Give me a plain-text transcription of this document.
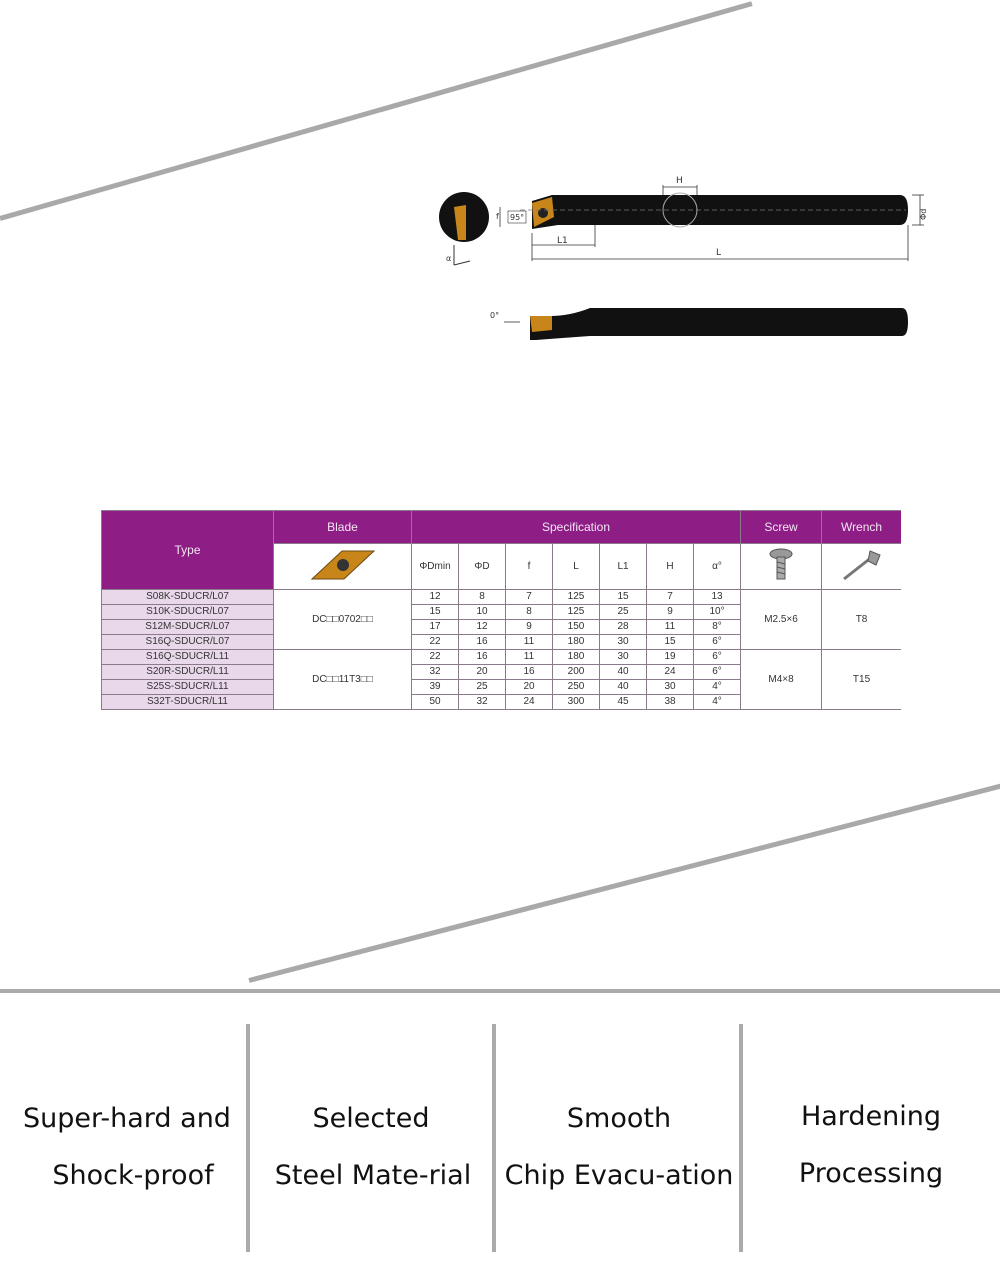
α
H
f 95°
L1
L
Φd
0°
Type	Blade	Specification							Screw	Wrench
	ΦDmin	ΦD	f	L	L1	H	α°		
S08K-SDUCR/L07	DC□□0702□□	12	8	7	125	15	7	13	M2.5×6	T8
S10K-SDUCR/L07		15	10	8	125	25	9	10°		
S12M-SDUCR/L07		17	12	9	150	28	11	8°		
S16Q-SDUCR/L07		22	16	11	180	30	15	6°		
S16Q-SDUCR/L11	DC□□11T3□□	22	16	11	180	30	19	6°	M4×8	T15
S20R-SDUCR/L11		32	20	16	200	40	24	6°		
S25S-SDUCR/L11		39	25	20	250	40	30	4°		
S32T-SDUCR/L11		50	32	24	300	45	38	4°		
Super-hard and
Shock-proof
Selected
Steel Mate-rial
Smooth
Chip Evacu-ation
Hardening
Processing
